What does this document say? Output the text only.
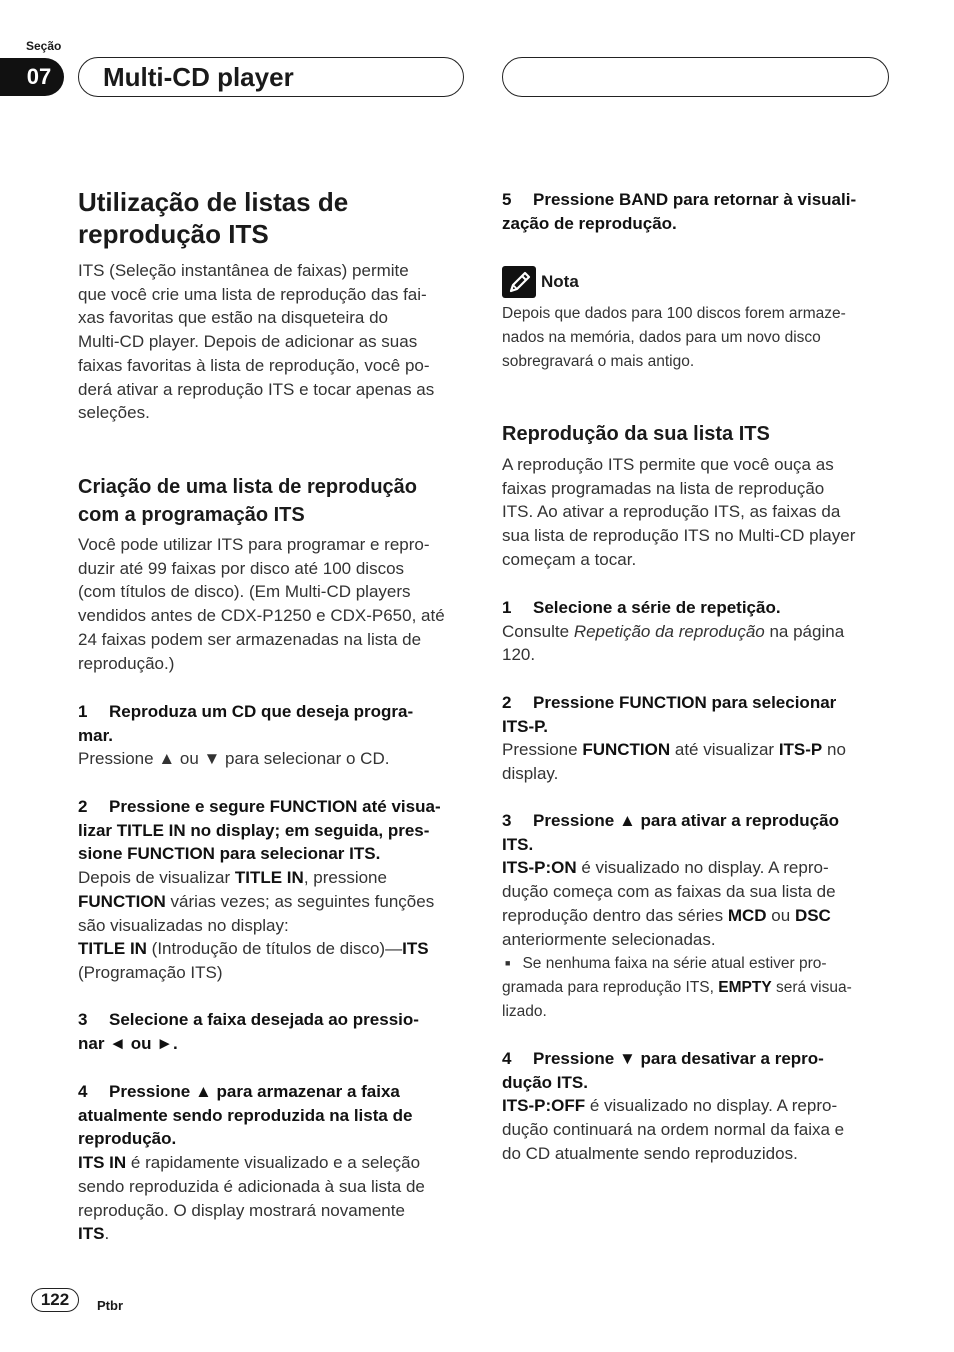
Seção
07	Multi-CD player
Utilização de listas de
reprodução ITS
ITS (Seleção instantânea de faixas) permite
que você crie uma lista de reprodução das fai-
xas favoritas que estão na disqueteira do
Multi-CD player. Depois de adicionar as suas
faixas favoritas à lista de reprodução, você po-
derá ativar a reprodução ITS e tocar apenas as
seleções.
Criação de uma lista de reprodução
com a programação ITS
Você pode utilizar ITS para programar e repro-
duzir até 99 faixas por disco até 100 discos
(com títulos de disco). (Em Multi-CD players
vendidos antes de CDX-P1250 e CDX-P650, até
24 faixas podem ser armazenadas na lista de
reprodução.)
1 Reproduza um CD que deseja progra-
mar.
Pressione ▲ ou ▼ para selecionar o CD.
2 Pressione e segure FUNCTION até visua-
lizar TITLE IN no display; em seguida, pres-
sione FUNCTION para selecionar ITS.
Depois de visualizar TITLE IN, pressione
FUNCTION várias vezes; as seguintes funções
são visualizadas no display:
TITLE IN (Introdução de títulos de disco)—ITS
(Programação ITS)
3 Selecione a faixa desejada ao pressio-
nar ◄ ou ►.
4 Pressione ▲ para armazenar a faixa
atualmente sendo reproduzida na lista de
reprodução.
ITS IN é rapidamente visualizado e a seleção
sendo reproduzida é adicionada à sua lista de
reprodução. O display mostrará novamente
ITS.
5 Pressione BAND para retornar à visuali-
zação de reprodução.
Nota
Depois que dados para 100 discos forem armaze-
nados na memória, dados para um novo disco
sobregravará o mais antigo.
Reprodução da sua lista ITS
A reprodução ITS permite que você ouça as
faixas programadas na lista de reprodução
ITS. Ao ativar a reprodução ITS, as faixas da
sua lista de reprodução ITS no Multi-CD player
começam a tocar.
1 Selecione a série de repetição.
Consulte Repetição da reprodução na página
120.
2 Pressione FUNCTION para selecionar
ITS-P.
Pressione FUNCTION até visualizar ITS-P no
display.
3 Pressione ▲ para ativar a reprodução
ITS.
ITS-P:ON é visualizado no display. A repro-
dução começa com as faixas da sua lista de
reprodução dentro das séries MCD ou DSC
anteriormente selecionadas.
■ Se nenhuma faixa na série atual estiver pro-
gramada para reprodução ITS, EMPTY será visua-
lizado.
4 Pressione ▼ para desativar a repro-
dução ITS.
ITS-P:OFF é visualizado no display. A repro-
dução continuará na ordem normal da faixa e
do CD atualmente sendo reproduzidos.
122	Ptbr
